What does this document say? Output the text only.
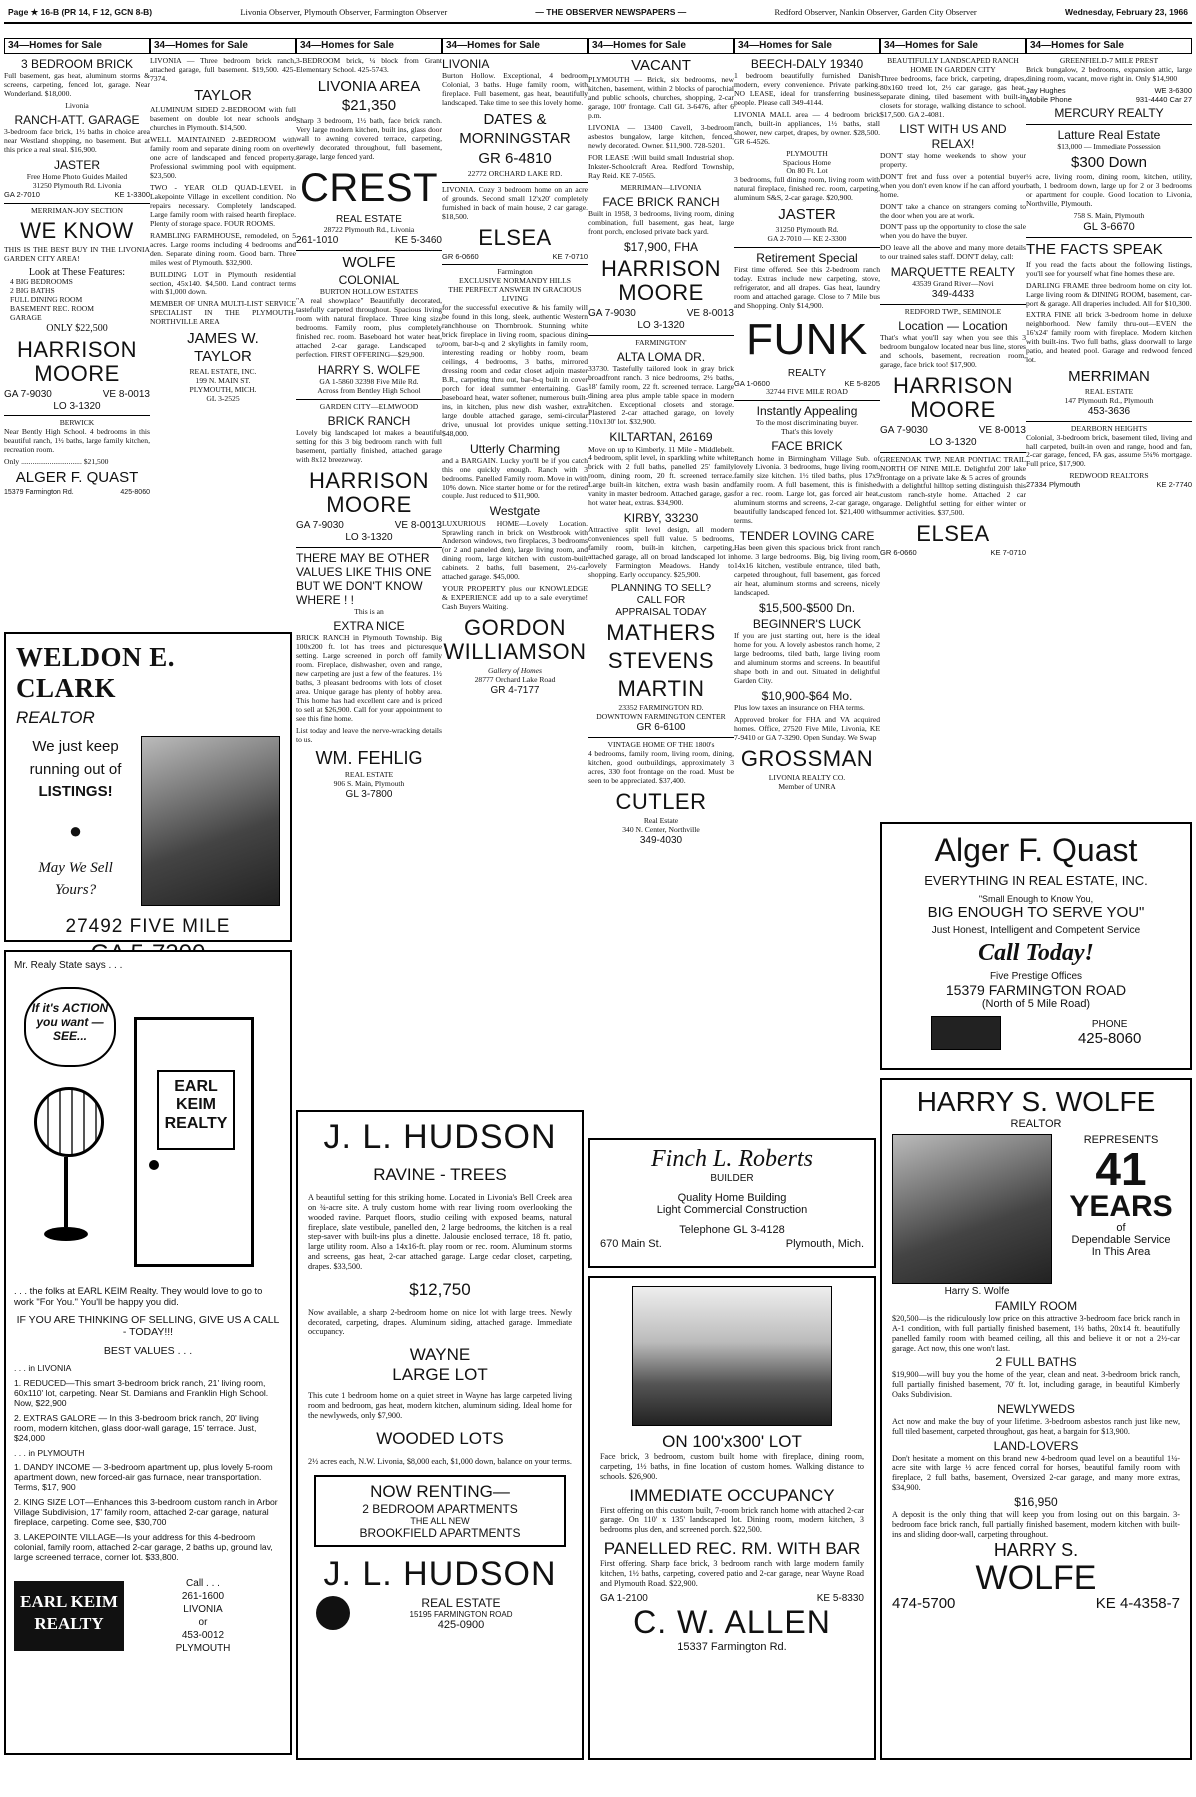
Page ★ 16-B (PR 14, F 12, GCN 8-B)	Livonia Observer, Plymouth Observer, Farmington Observer	— THE OBSERVER NEWSPAPERS —	Redford Observer, Nankin Observer, Garden City Observer	Wednesday, February 23, 1966
34—Homes for Sale
3 BEDROOM BRICK

Full basement, gas heat, aluminum storms & screens, carpeting, fenced lot, garage. Near Wonderland. $18,000.

Livonia
RANCH-ATT. GARAGE

3-bedroom face brick, 1½ baths in choice area near Westland shopping, no basement. But at this price a real steal. $16,900.

JASTER
Free Home Photo Guides Mailed
31250 Plymouth Rd. Livonia
GA 2-7010	KE 1-3300
MERRIMAN-JOY SECTION
WE KNOW

THIS IS THE BEST BUY IN THE LIVONIA GARDEN CITY AREA!

Look at These Features:
4 BIG BEDROOMS
2 BIG BATHS
FULL DINING ROOM
BASEMENT REC. ROOM
GARAGE
ONLY $22,500
HARRISON
MOORE
GA 7-9030	VE 8-0013
LO 3-1320
BERWICK

Near Bently High School. 4 bedrooms in this beautiful ranch, 1½ baths, large family kitchen, recreation room.

Only ................................ $21,500
ALGER F. QUAST
15379 Farmington Rd.	425-8060
34—Homes for Sale

LIVONIA — Three bedroom brick ranch, attached garage, full basement. $19,500. 425-7374.

TAYLOR

ALUMINUM SIDED 2-BEDROOM with full basement on double lot near schools and churches in Plymouth. $14,500.

WELL MAINTAINED 2-BEDROOM with family room and separate dining room on over one acre of landscaped and fenced property. Professional swimming pool with equipment. $23,500.

TWO - YEAR OLD QUAD-LEVEL in Lakepointe Village in excellent condition. No repairs necessary. Completely landscaped. Large family room with raised hearth fireplace. Plenty of storage space. FOUR ROOMS.

RAMBLING FARMHOUSE, remodeled, on 5 acres. Large rooms including 4 bedrooms and den. Separate dining room. Good barn. Three miles west of Plymouth. $32,900.

BUILDING LOT in Plymouth residential section, 45x140. $4,500. Land contract terms with $1,000 down.

MEMBER OF UNRA MULTI-LIST SERVICE SPECIALIST IN THE PLYMOUTH-NORTHVILLE AREA

JAMES W.
TAYLOR
REAL ESTATE, INC.
199 N. MAIN ST.
PLYMOUTH, MICH.
GL 3-2525
34—Homes for Sale

3-BEDROOM brick, ¼ block from Grant Elementary School. 425-5743.

LIVONIA AREA
$21,350

Sharp 3 bedroom, 1½ bath, face brick ranch. Very large modern kitchen, built ins, glass door wall to awning covered terrace, carpeting, newly decorated throughout, full basement, garage, large fenced yard.

CREST
REAL ESTATE
28722 Plymouth Rd., Livonia
261-1010	KE 5-3460
WOLFE
COLONIAL
BURTON HOLLOW ESTATES

"A real showplace" Beautifully decorated, tastefully carpeted throughout. Spacious living room with natural fireplace. Three king size bedrooms. Family room, plus completely finished rec. room. Baseboard hot water heat, attached 2-car garage. Landscaped to perfection. FIRST OFFERING—$29,900.

HARRY S. WOLFE
GA 1-5860 32398 Five Mile Rd.
Across from Bentley High School
GARDEN CITY—ELMWOOD
BRICK RANCH

Lovely big landscaped lot makes a beautiful setting for this 3 big bedroom ranch with full basement, partially finished, attached garage with 8x12 breezeway.

HARRISON
MOORE
GA 7-9030	VE 8-0013
LO 3-1320
THERE MAY BE OTHER VALUES LIKE THIS ONE BUT WE DON'T KNOW WHERE ! !
This is an
EXTRA NICE

BRICK RANCH in Plymouth Township. Big 100x200 ft. lot has trees and picturesque setting. Large screened in porch off family room. Fireplace, dishwasher, oven and range, new carpeting are just a few of the features. 1½ baths, 3 pleasant bedrooms with lots of closet area. Unique garage has plenty of hobby area. This home has had excellent care and is priced to sell at $26,900. Call for your appointment to see this fine home.

List today and leave the nerve-wracking details to us.

WM. FEHLIG
REAL ESTATE
906 S. Main, Plymouth
GL 3-7800
34—Homes for Sale
LIVONIA

Burton Hollow. Exceptional, 4 bedroom Colonial, 3 baths. Huge family room, with fireplace. Full basement, gas heat, beautifully landscaped. Take time to see this lovely home.

DATES &
MORNINGSTAR
GR 6-4810
22772 ORCHARD LAKE RD.

LIVONIA. Cozy 3 bedroom home on an acre of grounds. Second small 12'x20' completely furnished in back of main house, 2 car garage. $18,500.

ELSEA
GR 6-0660	KE 7-0710
Farmington
EXCLUSIVE NORMANDY HILLS
THE PERFECT ANSWER IN GRACIOUS LIVING

for the successful executive & his family will be found in this long, sleek, authentic Western ranchhouse on Thornbrook. Stunning white brick fireplace in living room, spacious dining room, bar-b-q and 2 skylights in family room, interesting reading or hobby room, beam ceilings, 4 bedrooms, 3 baths, mirrored dressing room and cedar closet adjoin master B.R., carpeting thru out, bar-b-q built in cover porch for ideal summer entertaining. Gas baseboard heat, water softener, numerous built-ins, in kitchen, plus new dish washer, extra large double attached garage, semi-circular drive, unusual lot provides unique setting. $48,000.

Utterly Charming

and a BARGAIN. Lucky you'll be if you catch this one quickly enough. Ranch with 3 bedrooms. Panelled Family room. Move in with 10% down. Nice starter home or for the retired couple. Just reduced to $11,900.

Westgate

LUXURIOUS HOME—Lovely Location. Sprawling ranch in brick on Westbrook with Anderson windows, two fireplaces, 3 bedrooms (or 2 and paneled den), large living room, and dining room, large kitchen with custom-built cabinets. 2 baths, full basement, 2½-car attached garage. $45,000.

YOUR PROPERTY plus our KNOWLEDGE & EXPERIENCE add up to a sale everytime! Cash Buyers Waiting.

GORDON
WILLIAMSON
Gallery of Homes
28777 Orchard Lake Road
GR 4-7177
34—Homes for Sale
VACANT

PLYMOUTH — Brick, six bedrooms, new kitchen, basement, within 2 blocks of parochial and public schools, churches, shopping, 2-car garage, 100' frontage. Call GL 3-6476, after 6 p.m.

LIVONIA — 13400 Cavell, 3-bedroom asbestos bungalow, large kitchen, fenced, newly decorated. Owner. $11,900. 728-5201.

FOR LEASE :Will build small Industrial shop. Inkster-Schoolcraft Area. Redford Township, Ray Reid. KE 7-0565.

MERRIMAN—LIVONIA
FACE BRICK RANCH

Built in 1958, 3 bedrooms, living room, dining combination, full basement, gas heat, large front porch, enclosed private back yard.

$17,900, FHA
HARRISON
MOORE
GA 7-9030	VE 8-0013
LO 3-1320
FARMINGTON'
ALTA LOMA DR.

33730. Tastefully tailored look in gray brick broadfront ranch. 3 nice bedrooms, 2½ baths, 18' family room, 22 ft. screened terrace. Large dining area plus ample table space in modern kitchen. Exceptional closets and storage. Plastered 2-car attached garage, on lovely 110x130' lot. $32,900.

KILTARTAN, 26169

Move on up to Kimberly. 11 Mile - Middlebelt. 4 bedroom, split level, in sparkling white white brick with 2 full baths, panelled 25' family room, dining room, 20 ft. screened terrace. Large built-in kitchen, extra wash basin and vanity in master bedroom. Attached garage, gas hot water heat, extras. $34,900.

KIRBY, 33230

Attractive split level design, all modern conveniences spell full value. 5 bedrooms, family room, built-in kitchen, carpeting, attached garage, all on broad landscaped lot in lovely Farmington Meadows. Handy to shopping. Early occupancy. $25,900.

PLANNING TO SELL?
CALL FOR
APPRAISAL TODAY
MATHERS
STEVENS
MARTIN
23352 FARMINGTON RD.
DOWNTOWN FARMINGTON CENTER
GR 6-6100
VINTAGE HOME OF THE 1800's

4 bedrooms, family room, living room, dining, kitchen, good outbuildings, approximately 3 acres, 330 foot frontage on the road. Must be seen to be appreciated. $37,400.

CUTLER
Real Estate
340 N. Center, Northville
349-4030
34—Homes for Sale
BEECH-DALY 19340

1 bedroom beautifully furnished Danish modern, every convenience. Private parking. NO LEASE, ideal for transferring business people. Please call 349-4144.

LIVONIA MALL area — 4 bedroom brick ranch, built-in appliances, 1½ baths, stall shower, new carpet, drapes, by owner. $28,500. GR 6-4526.

PLYMOUTH
Spacious Home
On 80 Ft. Lot

3 bedrooms, full dining room, living room with natural fireplace, finished rec. room, carpeting, aluminum S&S, 2-car garage. $20,900.

JASTER
31250 Plymouth Rd.
GA 2-7010 — KE 2-3300
Retirement Special

First time offered. See this 2-bedroom ranch today. Extras include new carpeting, stove, refrigerator, and all drapes. Gas heat, laundry room and attached garage. Close to 7 Mile bus and Shopping. Only $14,900.

FUNK
REALTY
GA 1-0600	KE 5-8205
32744 FIVE MILE ROAD
Instantly Appealing
To the most discriminating buyer.
That's this lovely
FACE BRICK

Ranch home in Birmingham Village Sub. of lovely Livonia. 3 bedrooms, huge living room, family size kitchen. 1½ tiled baths, plus 17x9 family room. A full basement, this is finished for a rec. room. Large lot, gas forced air heat, aluminum storms and screens, 2-car garage, on beautifully landscaped fenced lot. $21,400 with terms.

TENDER LOVING CARE

Has been given this spacious brick front ranch home. 3 large bedrooms. Big, big living room, 14x16 kitchen, vestibule entrance, tiled bath, carpeted throughout, full basement, gas forced air heat, aluminum storms and screens, nicely landscaped.

$15,500-$500 Dn.
BEGINNER'S LUCK

If you are just starting out, here is the ideal home for you. A lovely asbestos ranch home, 2 large bedrooms, tiled bath, large living room and aluminum storms and screens. In beautiful shape both in and out. Situated in delightful Garden City.

$10,900-$64 Mo.

Plus low taxes an insurance on FHA terms.

Approved broker for FHA and VA acquired homes. Office, 27520 Five Mile, Livonia, KE 7-9410 or GA 7-3290. Open Sunday. We Swap

GROSSMAN
LIVONIA REALTY CO.
Member of UNRA
34—Homes for Sale
BEAUTIFULLY LANDSCAPED RANCH HOME IN GARDEN CITY

Three bedrooms, face brick, carpeting, drapes, 80x160 treed lot, 2½ car garage, gas heat, separate dining, tiled basement with built-in closets for storage, walking distance to school. $17,500. GA 2-4081.

LIST WITH US AND RELAX!

DON'T stay home weekends to show your property.

DON'T fret and fuss over a potential buyer when you don't even know if he can afford your home.

DON'T take a chance on strangers coming to the door when you are at work.

DON'T pass up the opportunity to close the sale when you do have the buyer.

DO leave all the above and many more details to our trained sales staff. DON'T delay, call:

MARQUETTE REALTY
43539 Grand River—Novi
349-4433
REDFORD TWP., SEMINOLE
Location — Location

That's what you'll say when you see this 3 bedroom bungalow located near bus line, stores and schools, basement, recreation room, garage, face brick too! $17,900.

HARRISON
MOORE
GA 7-9030	VE 8-0013
LO 3-1320

GREENOAK TWP. NEAR PONTIAC TRAIL NORTH OF NINE MILE. Delightful 200' lake frontage on a private lake & 5 acres of grounds with a delightful hilltop setting distinguish this custom ranch-style home. Attached 2 car garage. Delightful setting for either winter or summer activities. $37,500.

ELSEA
GR 6-0660	KE 7-0710
34—Homes for Sale
GREENFIELD-7 MILE PREST

Brick bungalow, 2 bedrooms, expansion attic, large dining room, vacant, move right in. Only $14,900

Jay Hughes	WE 3-6300
Mobile Phone	931-4440 Car 27
MERCURY REALTY
Latture Real Estate
$13,000 — Immediate Possession
$300 Down

½ acre, living room, dining room, kitchen, utility, bath, 1 bedroom down, large up for 2 or 3 bedrooms or apartment for couple. Good location to Livonia, Northville, Plymouth.

758 S. Main, Plymouth
GL 3-6670
THE FACTS SPEAK

If you read the facts about the following listings, you'll see for yourself what fine homes these are.

DARLING FRAME three bedroom home on city lot. Large living room & DINING ROOM, basement, car-port & garage. All draperies included. All for $10,300.

EXTRA FINE all brick 3-bedroom home in deluxe neighborhood. New family thru-out—EVEN the 16'x24' family room with fireplace. Modern kitchen with built-ins. Two full baths, glass doorwall to large patio, and heated pool. Garage and redwood fenced lot.

MERRIMAN
REAL ESTATE
147 Plymouth Rd., Plymouth
453-3636
DEARBORN HEIGHTS

Colonial, 3-bedroom brick, basement tiled, living and hall carpeted, built-in oven and range, hood and fan, 2-car garage, fenced, FA gas, assume 5¼% mortgage. Full price, $17,900.

REDWOOD REALTORS
27334 Plymouth	KE 2-7740
WELDON E. CLARK
REALTOR
We just keep
running out of
LISTINGS!
●
May We Sell
Yours?
27492 FIVE MILE
Mr. Realy State says . . .
If it's ACTION you want —SEE...
EARL
KEIM
REALTY
. . . the folks at EARL KEIM Realty. They would love to go to work "For You." You'll be happy you did.
IF YOU ARE THINKING OF SELLING, GIVE US A CALL - TODAY!!!
BEST VALUES . . .
. . . in LIVONIA
1. REDUCED—This smart 3-bedroom brick ranch, 21' living room, 60x110' lot, carpeting. Near St. Damians and Franklin High School. Now, $22,900
2. EXTRAS GALORE — In this 3-bedroom brick ranch, 20' living room, modern kitchen, glass door-wall garage, 15' terrace. Just, $24,000
. . . in PLYMOUTH
1. DANDY INCOME — 3-bedroom apartment up, plus lovely 5-room apartment down, new forced-air gas furnace, near transportation. Terms, $17, 900
2. KING SIZE LOT—Enhances this 3-bedroom custom ranch in Arbor Village Subdivision, 17' family room, attached 2-car garage, natural fireplace, carpeting. Come see, $30,700
3. LAKEPOINTE VILLAGE—Is your address for this 4-bedroom colonial, family room, attached 2-car garage, 2 baths up, ground lav, large screened terrace, corner lot. $33,800.
EARL KEIM
REALTY
Call . . .
261-1600
LIVONIA
or
453-0012
PLYMOUTH
J. L. HUDSON
RAVINE - TREES

A beautiful setting for this striking home. Located in Livonia's Bell Creek area on ¾-acre site. A truly custom home with rear living room overlooking the wooded ravine. Parquet floors, studio ceiling with exposed beams, natural fireplace, slate vestibule, panelled den, 2 large bedrooms, the kitchen is a real step-saver with built-ins plus a dinette. Jalousie enclosed terrace, 18 ft. patio, large utility room. Also a 14x16-ft. play room or rec. room. Aluminum storms and screens, gas heat, 2-car attached garage. Large cedar closet, carpeting, drapes. $33,500.

$12,750

Now available, a sharp 2-bedroom home on nice lot with large trees. Newly decorated, carpeting, drapes. Aluminum siding, attached garage. Immediate occupancy.

WAYNE
LARGE LOT

This cute 1 bedroom home on a quiet street in Wayne has large carpeted living room and bedroom, gas heat, modern kitchen, aluminum siding. Ideal home for the newlyweds, only $7,900.

WOODED LOTS

2½ acres each, N.W. Livonia, $8,000 each, $1,000 down, balance on your terms.

NOW RENTING—
2 BEDROOM APARTMENTS
THE ALL NEW
BROOKFIELD APARTMENTS
J. L. HUDSON
REAL ESTATE
15195 FARMINGTON ROAD
425-0900
Finch L. Roberts
BUILDER
Quality Home Building
Light Commercial Construction
Telephone GL 3-4128
670 Main St.	Plymouth, Mich.
ON 100'x300' LOT

Face brick, 3 bedroom, custom built home with fireplace, dining room, carpeting, 1½ baths, in fine location of custom homes. Walking distance to schools. $26,900.

IMMEDIATE OCCUPANCY

First offering on this custom built, 7-room brick ranch home with attached 2-car garage. On 110' x 135' landscaped lot. Dining room, modern kitchen, 3 bedrooms plus den, and screened porch. $22,500.

PANELLED REC. RM. WITH BAR

First offering. Sharp face brick, 3 bedroom ranch with large modern family kitchen, 1½ baths, carpeting, covered patio and 2-car garage, near Wayne Road and Plymouth Road. $22,900.

GA 1-2100	KE 5-8330
C. W. ALLEN
15337 Farmington Rd.
Alger F. Quast
EVERYTHING IN REAL ESTATE, INC.
"Small Enough to Know You,
BIG ENOUGH TO SERVE YOU"
Just Honest, Intelligent and Competent Service
Call Today!
Five Prestige Offices
15379 FARMINGTON ROAD
(North of 5 Mile Road)
PHONE
425-8060
HARRY S. WOLFE
REALTOR
Harry S. Wolfe
REPRESENTS
41
YEARS
of
Dependable Service
In This Area
FAMILY ROOM

$20,500—is the ridiculously low price on this attractive 3-bedroom face brick ranch in A-1 condition, with full partially finished basement, 1½ baths, 20x14 ft. beautifully panelled family room with beamed ceiling, all this and believe it or not a 2½-car garage. Act now, this one won't last.

2 FULL BATHS

$19,900—will buy you the home of the year, clean and neat. 3-bedroom brick ranch, full partially finished basement, 70' ft. lot, including garage, in beautiful Kimberly Oaks Subdivision.

NEWLYWEDS

Act now and make the buy of your lifetime. 3-bedroom asbestos ranch just like new, full tiled basement, carpeted throughout, gas heat, a bargain for $13,900.

LAND-LOVERS

Don't hesitate a moment on this brand new 4-bedroom quad level on a beautiful 1¼-acre site with large ½ acre fenced corral for horses, beautiful family room with fireplace, 2 full baths, basement, Oversized 2-car garage, and many more extras, $34,900.

$16,950

A deposit is the only thing that will keep you from losing out on this bargain. 3-bedroom face brick ranch, full partially finished basement, modern kitchen with built-ins and sliding door-wall, carpeting throughout.

HARRY S.
WOLFE
474-5700	KE 4-4358-7
